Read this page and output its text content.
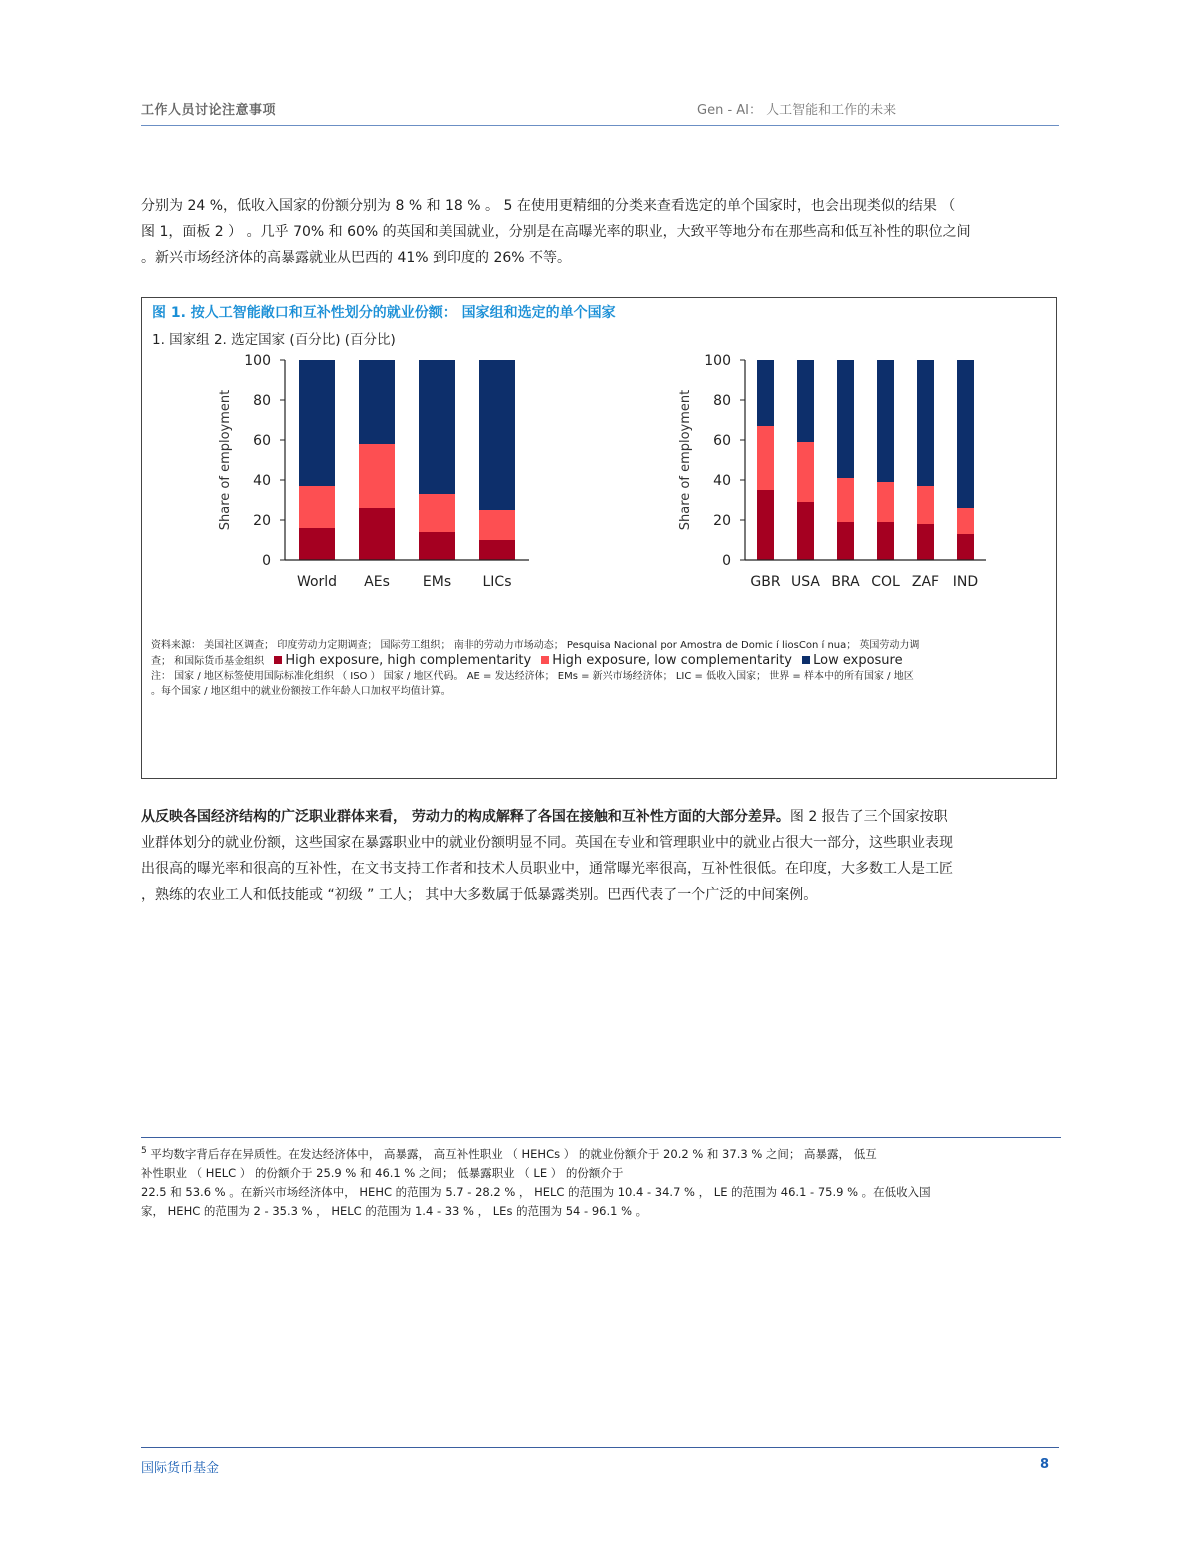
工作人员讨论注意事项	Gen - AI： 人工智能和工作的未来
分别为 24 %，低收入国家的份额分别为 8 % 和 18 % 。 5 在使用更精细的分类来查看选定的单个国家时，也会出现类似的结果 （
图 1，面板 2 ） 。几乎 70% 和 60% 的英国和美国就业，分别是在高曝光率的职业，大致平等地分布在那些高和低互补性的职位之间
。新兴市场经济体的高暴露就业从巴西的 41% 到印度的 26% 不等。
图 1. 按人工智能敞口和互补性划分的就业份额： 国家组和选定的单个国家
1. 国家组 2. 选定国家 (百分比) (百分比)
Share of employment
0
20
40
60
80
100
World AEs EMs LICs
Share of employment
0
20
40
60
80
100
GBR USA BRA COL ZAF IND
资料来源： 美国社区调查； 印度劳动力定期调查； 国际劳工组织； 南非的劳动力市场动态； Pesquisa Nacional por Amostra de Domic í liosCon í nua； 英国劳动力调
查； 和国际货币基金组织 High exposure, high complementarity High exposure, low complementarity Low exposure
注： 国家 / 地区标签使用国际标准化组织 （ ISO ） 国家 / 地区代码。 AE = 发达经济体； EMs = 新兴市场经济体； LIC = 低收入国家； 世界 = 样本中的所有国家 / 地区
。每个国家 / 地区组中的就业份额按工作年龄人口加权平均值计算。
从反映各国经济结构的广泛职业群体来看， 劳动力的构成解释了各国在接触和互补性方面的大部分差异。图 2 报告了三个国家按职
业群体划分的就业份额，这些国家在暴露职业中的就业份额明显不同。英国在专业和管理职业中的就业占很大一部分，这些职业表现
出很高的曝光率和很高的互补性，在文书支持工作者和技术人员职业中，通常曝光率很高，互补性很低。在印度，大多数工人是工匠
，熟练的农业工人和低技能或 “初级 ” 工人； 其中大多数属于低暴露类别。巴西代表了一个广泛的中间案例。
$^5$ 平均数字背后存在异质性。在发达经济体中， 高暴露， 高互补性职业 （ HEHCs ） 的就业份额介于 20.2 % 和 37.3 % 之间； 高暴露， 低互
补性职业 （ HELC ） 的份额介于 25.9 % 和 46.1 % 之间； 低暴露职业 （ LE ） 的份额介于
22.5 和 53.6 % 。在新兴市场经济体中， HEHC 的范围为 5.7 - 28.2 % ， HELC 的范围为 10.4 - 34.7 % ， LE 的范围为 46.1 - 75.9 % 。在低收入国
家， HEHC 的范围为 2 - 35.3 % ， HELC 的范围为 1.4 - 33 % ， LEs 的范围为 54 - 96.1 % 。
国际货币基金	8
